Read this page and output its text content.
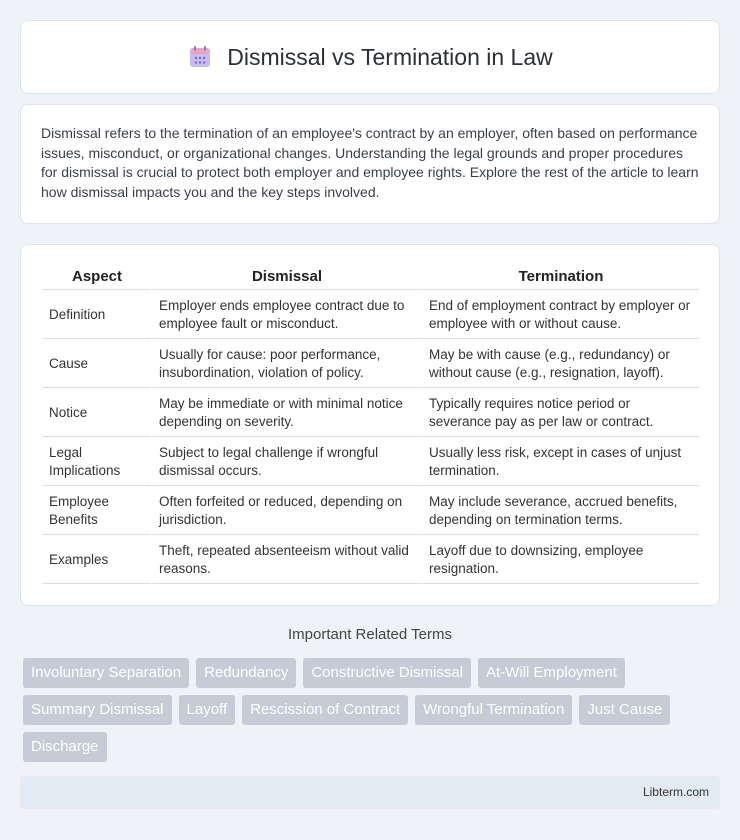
Dismissal vs Termination in Law

Dismissal refers to the termination of an employee's contract by an employer, often based on performance issues, misconduct, or organizational changes. Understanding the legal grounds and proper procedures for dismissal is crucial to protect both employer and employee rights. Explore the rest of the article to learn how dismissal impacts you and the key steps involved.

Aspect	Dismissal	Termination
Definition	Employer ends employee contract due to employee fault or misconduct.	End of employment contract by employer or employee with or without cause.
Cause	Usually for cause: poor performance, insubordination, violation of policy.	May be with cause (e.g., redundancy) or without cause (e.g., resignation, layoff).
Notice	May be immediate or with minimal notice depending on severity.	Typically requires notice period or severance pay as per law or contract.
Legal Implications	Subject to legal challenge if wrongful dismissal occurs.	Usually less risk, except in cases of unjust termination.
Employee Benefits	Often forfeited or reduced, depending on jurisdiction.	May include severance, accrued benefits, depending on termination terms.
Examples	Theft, repeated absenteeism without valid reasons.	Layoff due to downsizing, employee resignation.
Important Related Terms
Involuntary Separation	Redundancy	Constructive Dismissal	At-Will Employment
Summary Dismissal	Layoff	Rescission of Contract	Wrongful Termination	Just Cause
Discharge
Libterm.com
